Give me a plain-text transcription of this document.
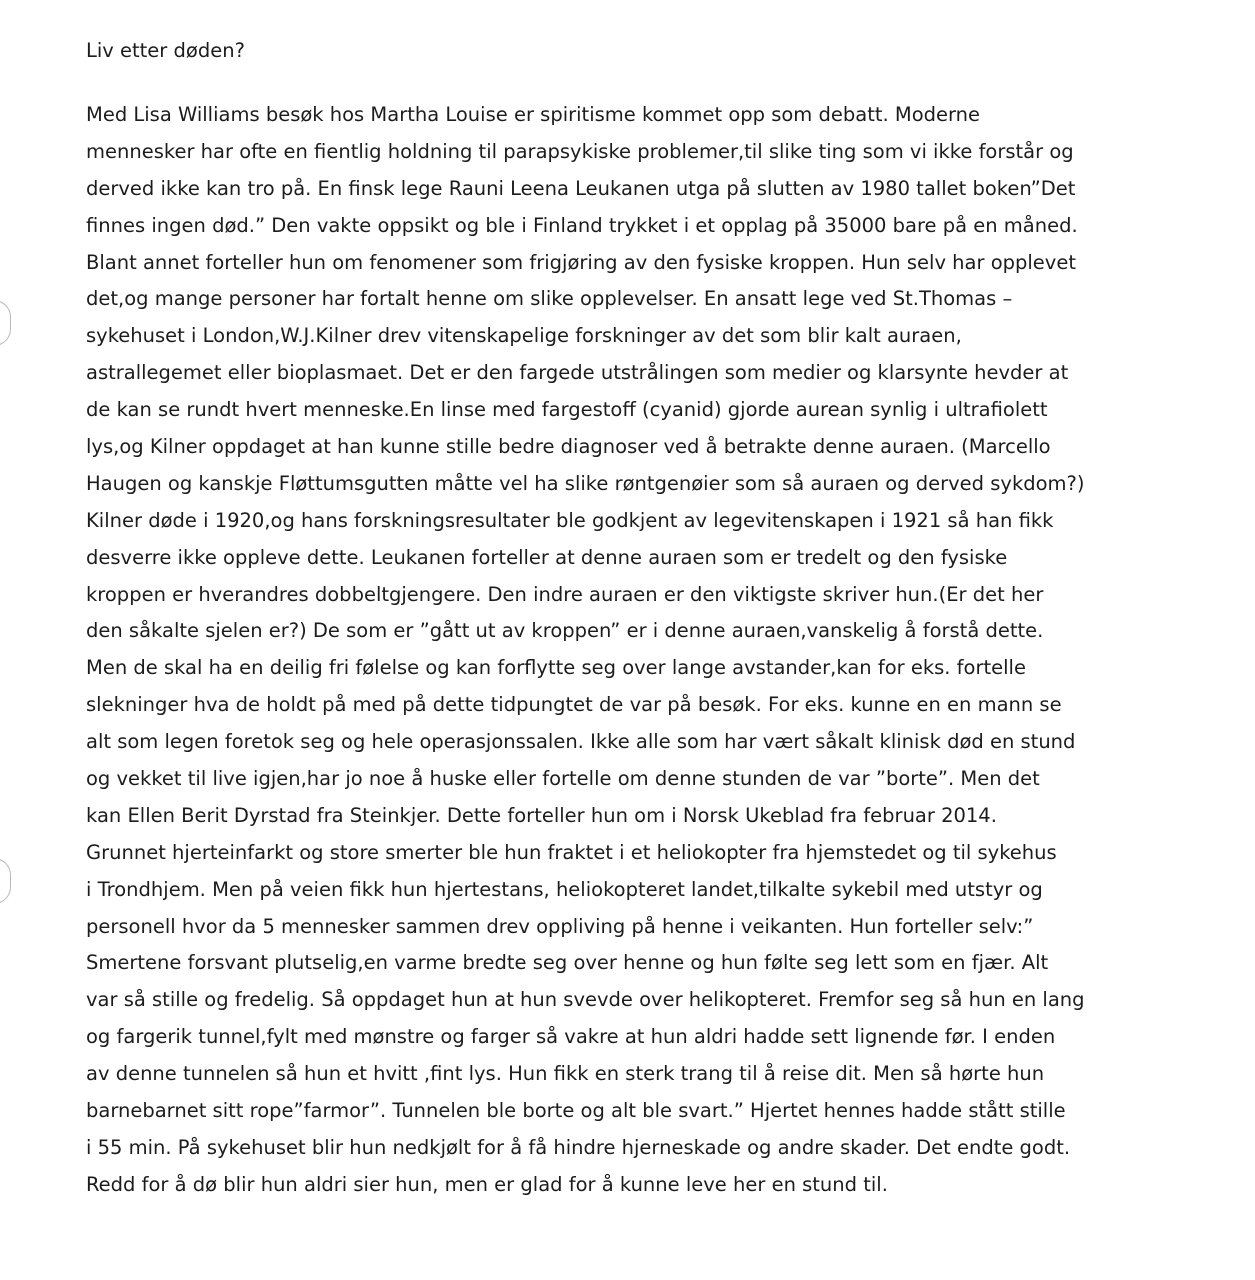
Liv etter døden?
Med Lisa Williams besøk hos Martha Louise er spiritisme kommet opp som debatt. Moderne
mennesker har ofte en fientlig holdning til parapsykiske problemer,til slike ting som vi ikke forstår og
derved ikke kan tro på. En finsk lege Rauni Leena Leukanen utga på slutten av 1980 tallet boken”Det
finnes ingen død.” Den vakte oppsikt og ble i Finland trykket i et opplag på 35000 bare på en måned.
Blant annet forteller hun om fenomener som frigjøring av den fysiske kroppen. Hun selv har opplevet
det,og mange personer har fortalt henne om slike opplevelser. En ansatt lege ved St.Thomas –
sykehuset i London,W.J.Kilner drev vitenskapelige forskninger av det som blir kalt auraen,
astrallegemet eller bioplasmaet. Det er den fargede utstrålingen som medier og klarsynte hevder at
de kan se rundt hvert menneske.En linse med fargestoff (cyanid) gjorde aurean synlig i ultrafiolett
lys,og Kilner oppdaget at han kunne stille bedre diagnoser ved å betrakte denne auraen. (Marcello
Haugen og kanskje Fløttumsgutten måtte vel ha slike røntgenøier som så auraen og derved sykdom?)
Kilner døde i 1920,og hans forskningsresultater ble godkjent av legevitenskapen i 1921 så han fikk
desverre ikke oppleve dette. Leukanen forteller at denne auraen som er tredelt og den fysiske
kroppen er hverandres dobbeltgjengere. Den indre auraen er den viktigste skriver hun.(Er det her
den såkalte sjelen er?) De som er ”gått ut av kroppen” er i denne auraen,vanskelig å forstå dette.
Men de skal ha en deilig fri følelse og kan forflytte seg over lange avstander,kan for eks. fortelle
slekninger hva de holdt på med på dette tidpungtet de var på besøk. For eks. kunne en en mann se
alt som legen foretok seg og hele operasjonssalen. Ikke alle som har vært såkalt klinisk død en stund
og vekket til live igjen,har jo noe å huske eller fortelle om denne stunden de var ”borte”. Men det
kan Ellen Berit Dyrstad fra Steinkjer. Dette forteller hun om i Norsk Ukeblad fra februar 2014.
Grunnet hjerteinfarkt og store smerter ble hun fraktet i et heliokopter fra hjemstedet og til sykehus
i Trondhjem. Men på veien fikk hun hjertestans, heliokopteret landet,tilkalte sykebil med utstyr og
personell hvor da 5 mennesker sammen drev oppliving på henne i veikanten. Hun forteller selv:”
Smertene forsvant plutselig,en varme bredte seg over henne og hun følte seg lett som en fjær. Alt
var så stille og fredelig. Så oppdaget hun at hun svevde over helikopteret. Fremfor seg så hun en lang
og fargerik tunnel,fylt med mønstre og farger så vakre at hun aldri hadde sett lignende før. I enden
av denne tunnelen så hun et hvitt ,fint lys. Hun fikk en sterk trang til å reise dit. Men så hørte hun
barnebarnet sitt rope”farmor”. Tunnelen ble borte og alt ble svart.” Hjertet hennes hadde stått stille
i 55 min. På sykehuset blir hun nedkjølt for å få hindre hjerneskade og andre skader. Det endte godt.
Redd for å dø blir hun aldri sier hun, men er glad for å kunne leve her en stund til.
